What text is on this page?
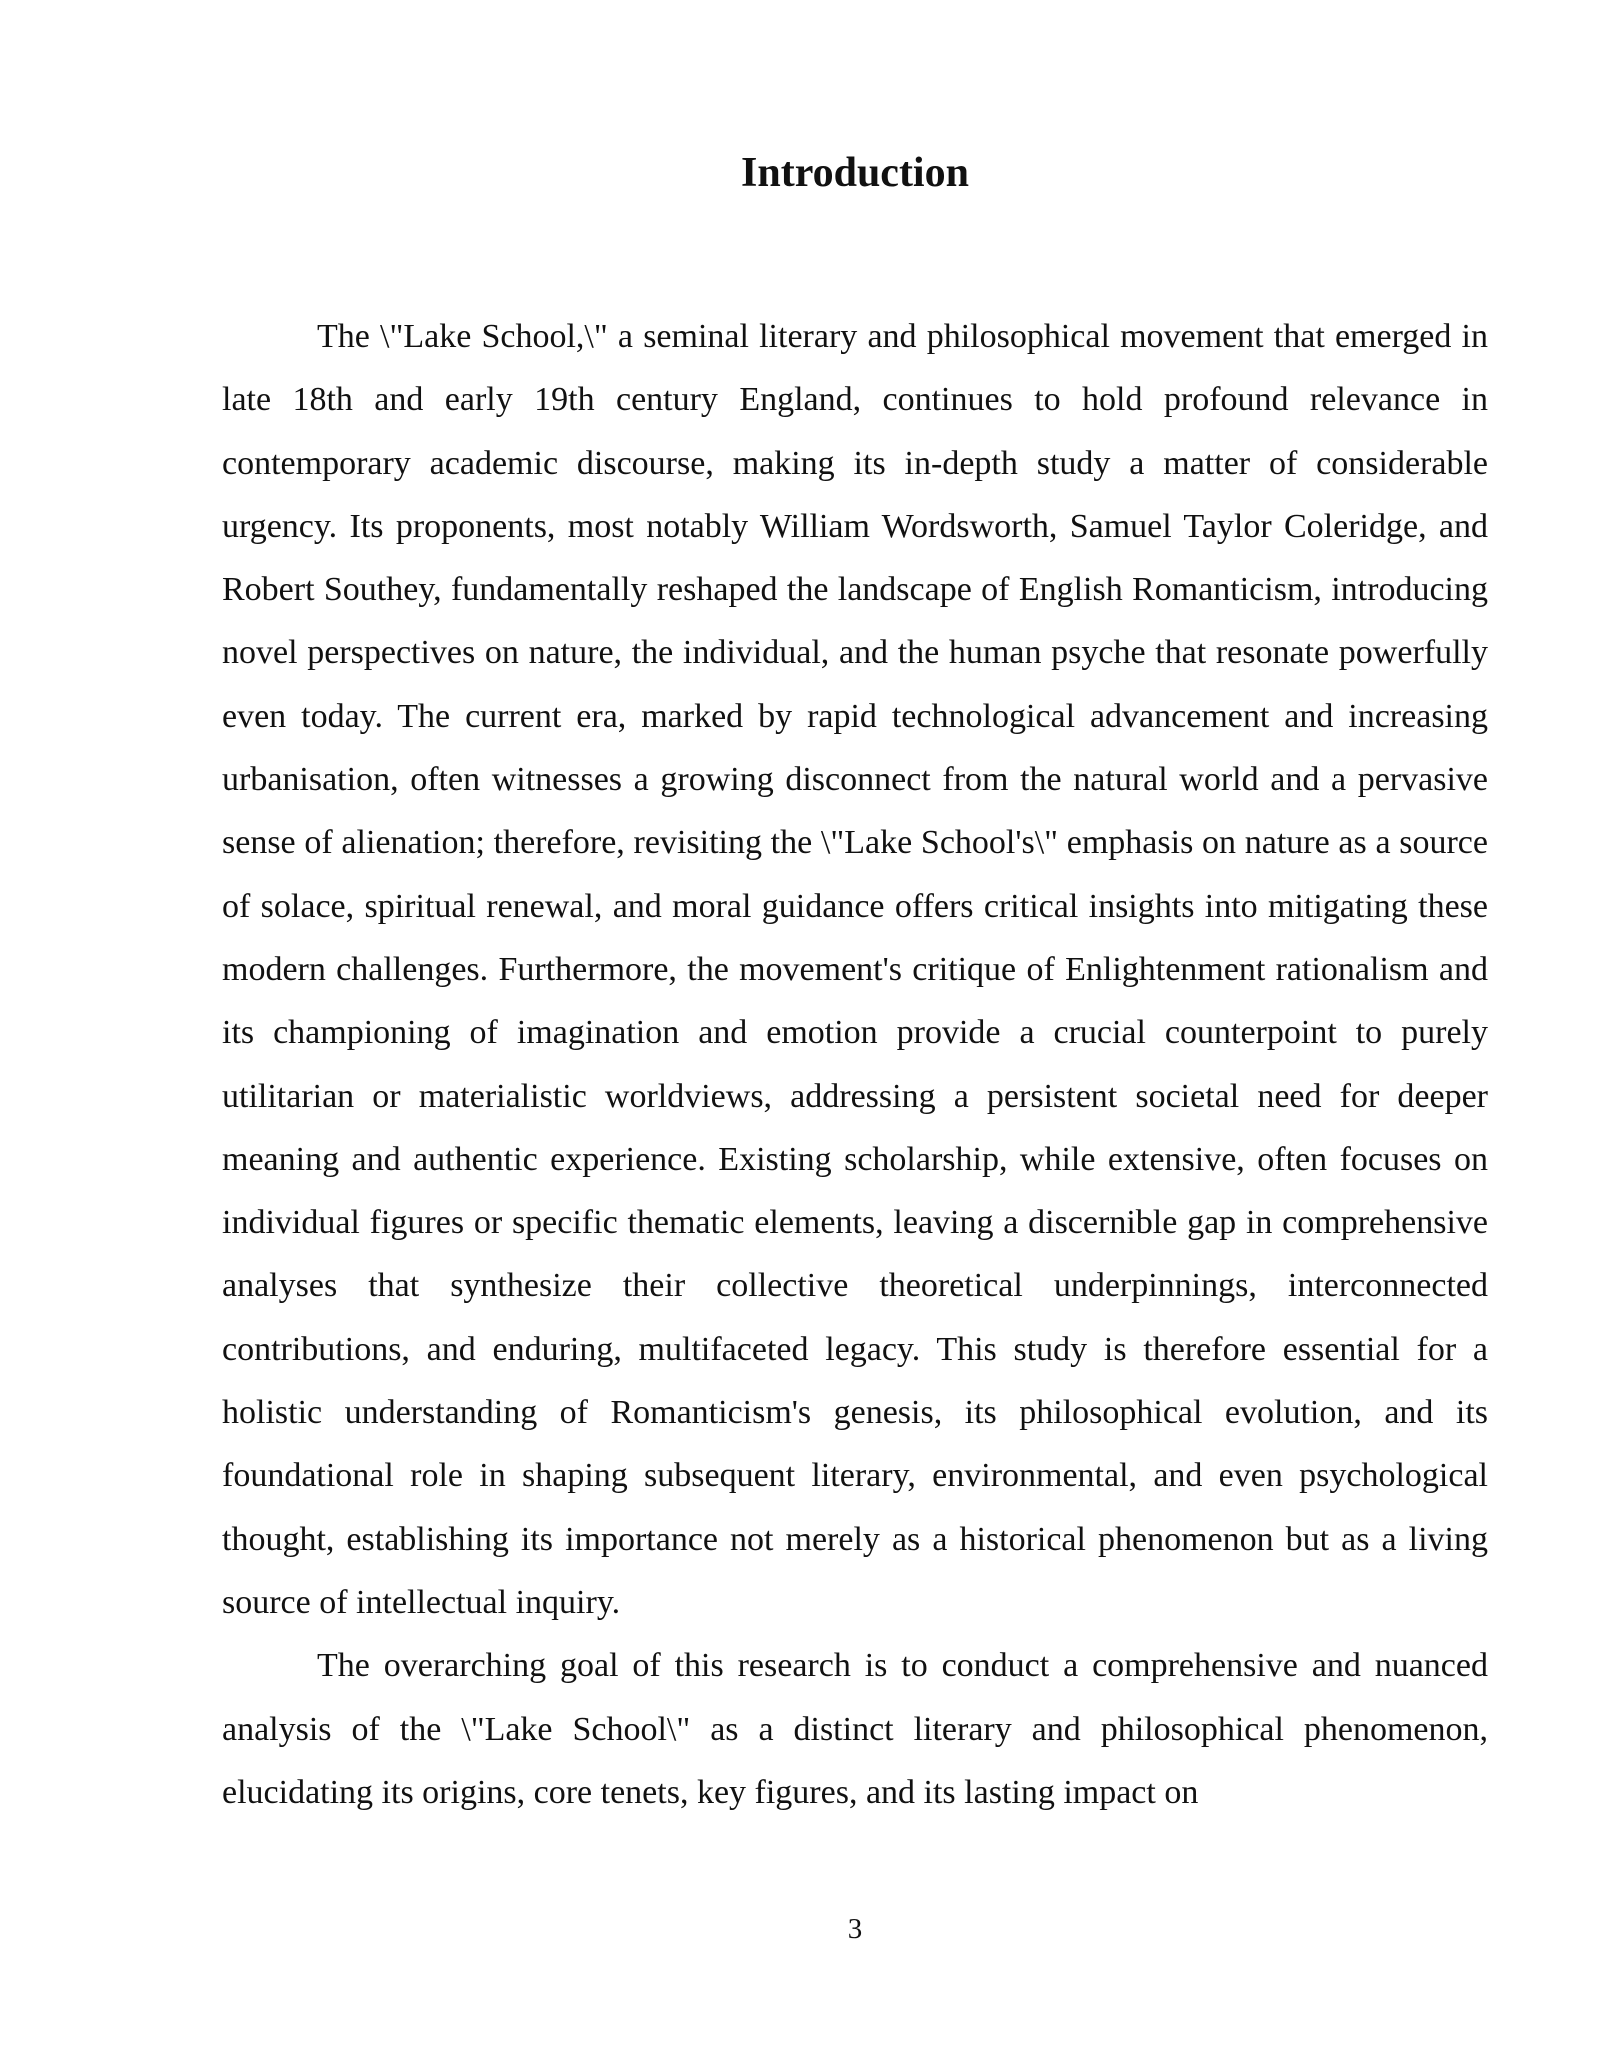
Introduction

The \"Lake School,\" a seminal literary and philosophical movement that emerged in late 18th and early 19th century England, continues to hold profound relevance in contemporary academic discourse, making its in-depth study a matter of considerable urgency. Its proponents, most notably William Wordsworth, Samuel Taylor Coleridge, and Robert Southey, fundamentally reshaped the landscape of English Romanticism, introducing novel perspectives on nature, the individual, and the human psyche that resonate powerfully even today. The current era, marked by rapid technological advancement and increasing urbanisation, often witnesses a growing disconnect from the natural world and a pervasive sense of alienation; therefore, revisiting the \"Lake School's\" emphasis on nature as a source of solace, spiritual renewal, and moral guidance offers critical insights into mitigating these modern challenges. Furthermore, the movement's critique of Enlightenment rationalism and its championing of imagination and emotion provide a crucial counterpoint to purely utilitarian or materialistic worldviews, addressing a persistent societal need for deeper meaning and authentic experience. Existing scholarship, while extensive, often focuses on individual figures or specific thematic elements, leaving a discernible gap in comprehensive analyses that synthesize their collective theoretical underpinnings, interconnected contributions, and enduring, multifaceted legacy. This study is therefore essential for a holistic understanding of Romanticism's genesis, its philosophical evolution, and its foundational role in shaping subsequent literary, environmental, and even psychological thought, establishing its importance not merely as a historical phenomenon but as a living source of intellectual inquiry.

The overarching goal of this research is to conduct a comprehensive and nuanced analysis of the \"Lake School\" as a distinct literary and philosophical phenomenon, elucidating its origins, core tenets, key figures, and its lasting impact on

3
